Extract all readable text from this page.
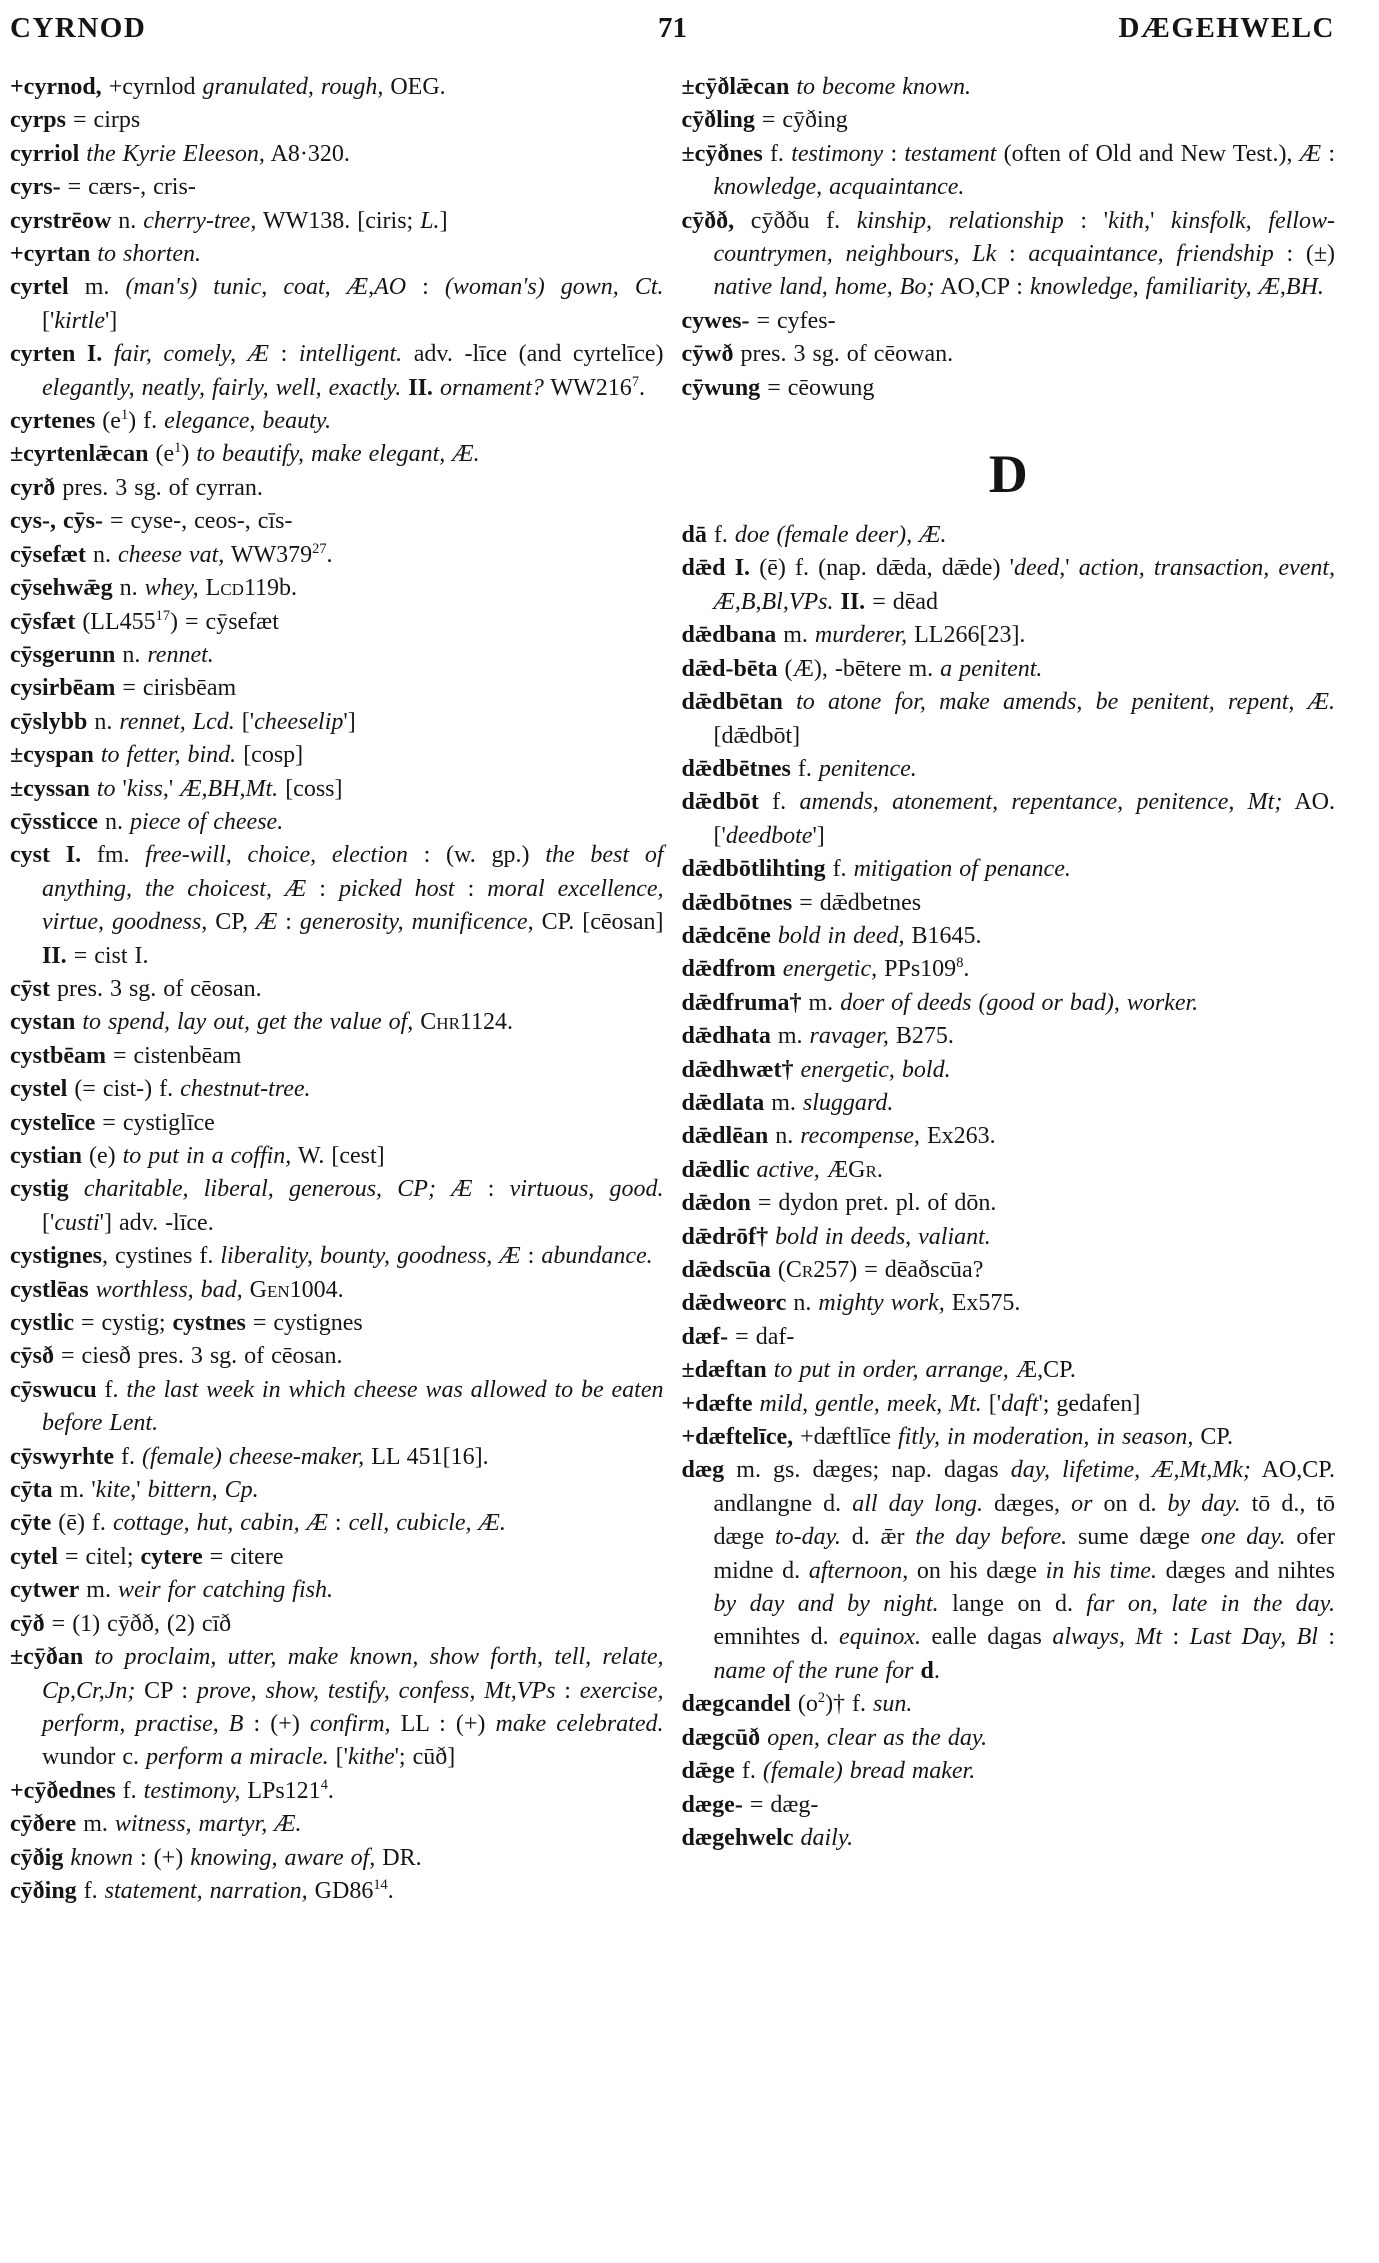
CYRNOD	71	DÆGEHWELC

+cyrnod, +cyrnlod granulated, rough, OEG.

cyrps = cirps

cyrriol the Kyrie Eleeson, A8·320.

cyrs- = cærs-, cris-

cyrstrēow n. cherry-tree, WW138. [ciris; L.]

+cyrtan to shorten.

cyrtel m. (man's) tunic, coat, Æ,AO : (woman's) gown, Ct. ['kirtle']

cyrten I. fair, comely, Æ : intelligent. adv. -līce (and cyrtelīce) elegantly, neatly, fairly, well, exactly. II. ornament? $WW216^7$.

cyrtenes $(e^1)$ f. elegance, beauty.

±cyrtenlǣcan $(e^1)$ to beautify, make elegant, Æ.

cyrð pres. 3 sg. of cyrran.

cys-, cȳs- = cyse-, ceos-, cīs-

cȳsefæt n. cheese vat, $WW379^{27}$.

cȳsehwǣg n. whey, Lcd119b.

cȳsfæt $(LL455^{17})$ = cȳsefæt

cȳsgerunn n. rennet.

cysirbēam = cirisbēam

cȳslybb n. rennet, Lcd. ['cheeselip']

±cyspan to fetter, bind. [cosp]

±cyssan to 'kiss,' Æ,BH,Mt. [coss]

cȳssticce n. piece of cheese.

cyst I. fm. free-will, choice, election : (w. gp.) the best of anything, the choicest, Æ : picked host : moral excellence, virtue, goodness, CP, Æ : generosity, munificence, CP. [cēosan] II. = cist I.

cȳst pres. 3 sg. of cēosan.

cystan to spend, lay out, get the value of, Chr1124.

cystbēam = cistenbēam

cystel (= cist-) f. chestnut-tree.

cystelīce = cystiglīce

cystian (e) to put in a coffin, W. [cest]

cystig charitable, liberal, generous, CP; Æ : virtuous, good. ['custi'] adv. -līce.

cystignes, cystines f. liberality, bounty, goodness, Æ : abundance.

cystlēas worthless, bad, Gen1004.

cystlic = cystig; cystnes = cystignes

cȳsð = ciesð pres. 3 sg. of cēosan.

cȳswucu f. the last week in which cheese was allowed to be eaten before Lent.

cȳswyrhte f. (female) cheese-maker, LL 451[16].

cȳta m. 'kite,' bittern, Cp.

cȳte (ē) f. cottage, hut, cabin, Æ : cell, cubicle, Æ.

cytel = citel; cytere = citere

cytwer m. weir for catching fish.

cȳð = (1) cȳðð, (2) cīð

±cȳðan to proclaim, utter, make known, show forth, tell, relate, Cp,Cr,Jn; CP : prove, show, testify, confess, Mt,VPs : exercise, perform, practise, B : (+) confirm, LL : (+) make celebrated. wundor c. perform a miracle. ['kithe'; cūð]

+cȳðednes f. testimony, $LPs121^4$.

cȳðere m. witness, martyr, Æ.

cȳðig known : (+) knowing, aware of, DR.

cȳðing f. statement, narration, $GD86^{14}$.

±cȳðlǣcan to become known.

cȳðling = cȳðing

±cȳðnes f. testimony : testament (often of Old and New Test.), Æ : knowledge, acquaintance.

cȳðð, cȳððu f. kinship, relationship : 'kith,' kinsfolk, fellow-countrymen, neighbours, Lk : acquaintance, friendship : (±) native land, home, Bo; AO,CP : knowledge, familiarity, Æ,BH.

cywes- = cyfes-

cȳwð pres. 3 sg. of cēowan.

cȳwung = cēowung

D

dā f. doe (female deer), Æ.

dǣd I. (ē) f. (nap. dǣda, dǣde) 'deed,' action, transaction, event, Æ,B,Bl,VPs. II. = dēad

dǣdbana m. murderer, LL266[23].

dǣd-bēta (Æ), -bētere m. a penitent.

dǣdbētan to atone for, make amends, be penitent, repent, Æ. [dǣdbōt]

dǣdbētnes f. penitence.

dǣdbōt f. amends, atonement, repentance, penitence, Mt; AO. ['deedbote']

dǣdbōtlihting f. mitigation of penance.

dǣdbōtnes = dǣdbetnes

dǣdcēne bold in deed, B1645.

dǣdfrom energetic, $PPs109^8$.

dǣdfruma† m. doer of deeds (good or bad), worker.

dǣdhata m. ravager, B275.

dǣdhwæt† energetic, bold.

dǣdlata m. sluggard.

dǣdlēan n. recompense, Ex263.

dǣdlic active, ÆGr.

dǣdon = dydon pret. pl. of dōn.

dǣdrōf† bold in deeds, valiant.

dǣdscūa (Cr257) = dēaðscūa?

dǣdweorc n. mighty work, Ex575.

dæf- = daf-

±dæftan to put in order, arrange, Æ,CP.

+dæfte mild, gentle, meek, Mt. ['daft'; gedafen]

+dæftelīce, +dæftlīce fitly, in moderation, in season, CP.

dæg m. gs. dæges; nap. dagas day, lifetime, Æ,Mt,Mk; AO,CP. andlangne d. all day long. dæges, or on d. by day. tō d., tō dæge to-day. d. ǣr the day before. sume dæge one day. ofer midne d. afternoon, on his dæge in his time. dæges and nihtes by day and by night. lange on d. far on, late in the day. emnihtes d. equinox. ealle dagas always, Mt : Last Day, Bl : name of the rune for d.

dægcandel $(o^2)\dagger$ f. sun.

dægcūð open, clear as the day.

dǣge f. (female) bread maker.

dæge- = dæg-

dægehwelc daily.
